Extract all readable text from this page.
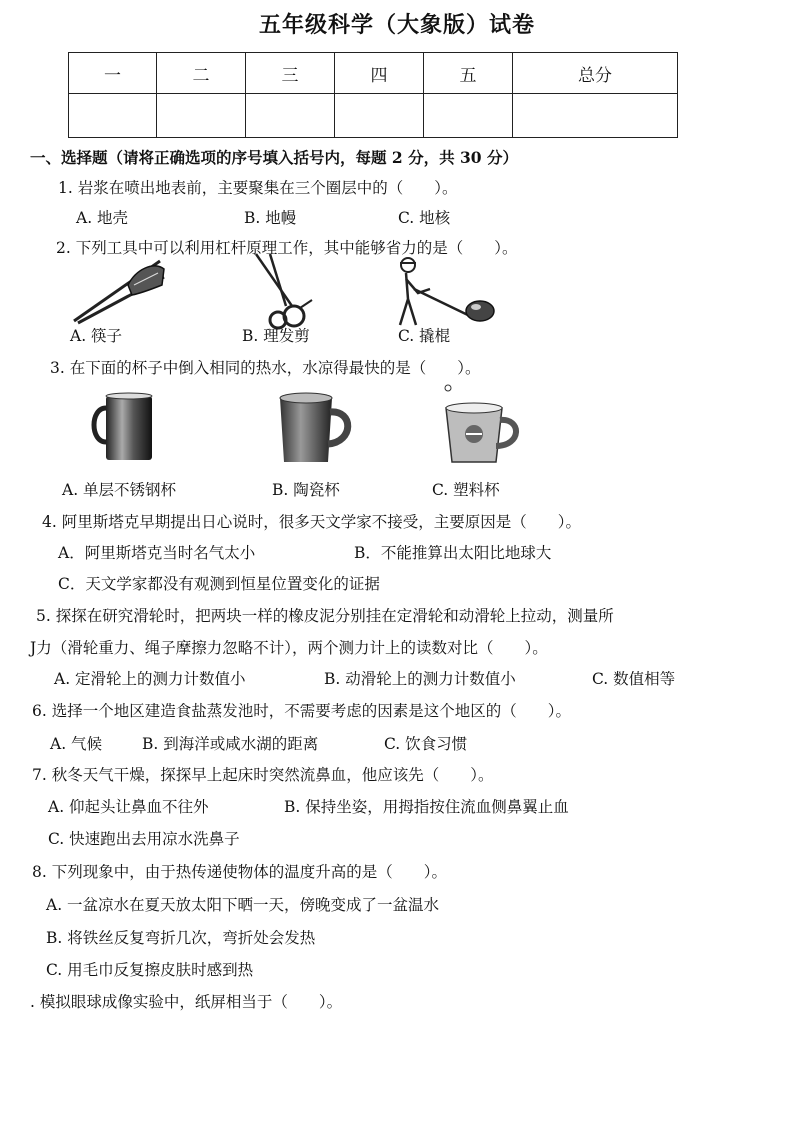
五年级科学（大象版）试卷
一	二	三	四	五	总分

一、选择题（请将正确选项的序号填入括号内，每题 2 分，共 30 分）
1. 岩浆在喷出地表前，主要聚集在三个圈层中的（　　）。
A. 地壳	B. 地幔	C. 地核
2. 下列工具中可以利用杠杆原理工作，其中能够省力的是（　　）。
A. 筷子	B. 理发剪	C. 撬棍
3. 在下面的杯子中倒入相同的热水，水凉得最快的是（　　）。
A. 单层不锈钢杯	B. 陶瓷杯	C. 塑料杯
4. 阿里斯塔克早期提出日心说时，很多天文学家不接受，主要原因是（　　）。
A．阿里斯塔克当时名气太小	B．不能推算出太阳比地球大
C．天文学家都没有观测到恒星位置变化的证据
5. 探探在研究滑轮时，把两块一样的橡皮泥分别挂在定滑轮和动滑轮上拉动，测量所
J力（滑轮重力、绳子摩擦力忽略不计），两个测力计上的读数对比（　　）。
A. 定滑轮上的测力计数值小	B. 动滑轮上的测力计数值小	C. 数值相等
6. 选择一个地区建造食盐蒸发池时，不需要考虑的因素是这个地区的（　　）。
A. 气候	B. 到海洋或咸水湖的距离	C. 饮食习惯
7. 秋冬天气干燥，探探早上起床时突然流鼻血，他应该先（　　）。
A. 仰起头让鼻血不往外	B. 保持坐姿，用拇指按住流血侧鼻翼止血
C. 快速跑出去用凉水洗鼻子
8. 下列现象中，由于热传递使物体的温度升高的是（　　）。
A. 一盆凉水在夏天放太阳下晒一天，傍晚变成了一盆温水
B. 将铁丝反复弯折几次，弯折处会发热
C. 用毛巾反复擦皮肤时感到热
. 模拟眼球成像实验中，纸屏相当于（　　）。
